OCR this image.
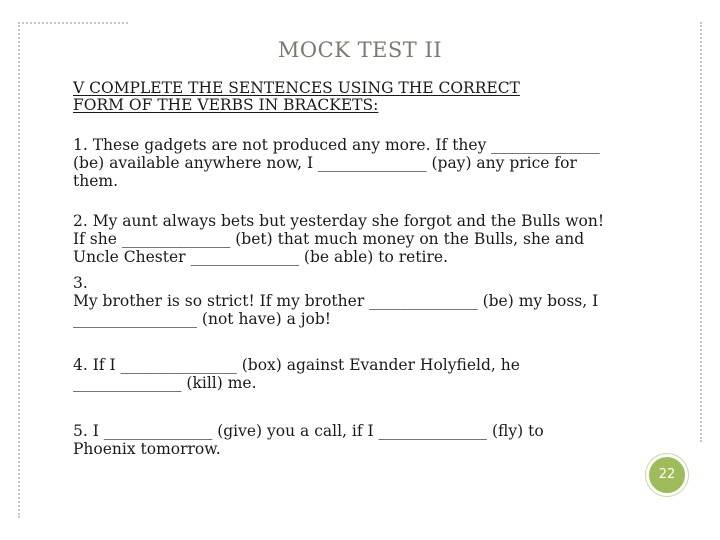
MOCK TEST II
V COMPLETE THE SENTENCES USING THE CORRECT
FORM OF THE VERBS IN BRACKETS:
1. These gadgets are not produced any more. If they ______________
(be) available anywhere now, I ______________ (pay) any price for
them.
2. My aunt always bets but yesterday she forgot and the Bulls won!
If she ______________ (bet) that much money on the Bulls, she and
Uncle Chester ______________ (be able) to retire.
3.
My brother is so strict! If my brother ______________ (be) my boss, I
________________ (not have) a job!
4. If I _______________ (box) against Evander Holyfield, he
______________ (kill) me.
5. I ______________ (give) you a call, if I ______________ (fly) to
Phoenix tomorrow.
22
